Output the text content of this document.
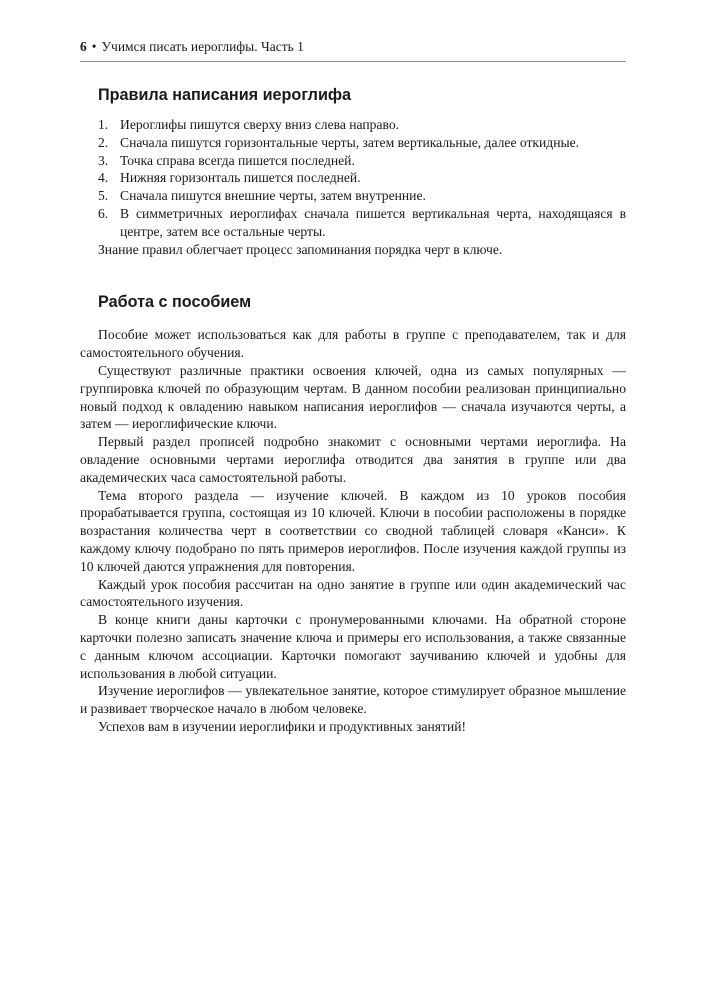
6 • Учимся писать иероглифы. Часть 1
Правила написания иероглифа
1. Иероглифы пишутся сверху вниз слева направо.
2. Сначала пишутся горизонтальные черты, затем вертикальные, далее откидные.
3. Точка справа всегда пишется последней.
4. Нижняя горизонталь пишется последней.
5. Сначала пишутся внешние черты, затем внутренние.
6. В симметричных иероглифах сначала пишется вертикальная черта, находящаяся в центре, затем все остальные черты.

Знание правил облегчает процесс запоминания порядка черт в ключе.

Работа с пособием

Пособие может использоваться как для работы в группе с преподавателем, так и для самостоятельного обучения.

Существуют различные практики освоения ключей, одна из самых популярных — группировка ключей по образующим чертам. В данном пособии реализован принципиально новый подход к овладению навыком написания иероглифов — сначала изучаются черты, а затем — иероглифические ключи.

Первый раздел прописей подробно знакомит с основными чертами иероглифа. На овладение основными чертами иероглифа отводится два занятия в группе или два академических часа самостоятельной работы.

Тема второго раздела — изучение ключей. В каждом из 10 уроков пособия прорабатывается группа, состоящая из 10 ключей. Ключи в пособии расположены в порядке возрастания количества черт в соответствии со сводной таблицей словаря «Канси». К каждому ключу подобрано по пять примеров иероглифов. После изучения каждой группы из 10 ключей даются упражнения для повторения.

Каждый урок пособия рассчитан на одно занятие в группе или один академический час самостоятельного изучения.

В конце книги даны карточки с пронумерованными ключами. На обратной стороне карточки полезно записать значение ключа и примеры его использования, а также связанные с данным ключом ассоциации. Карточки помогают заучиванию ключей и удобны для использования в любой ситуации.

Изучение иероглифов — увлекательное занятие, которое стимулирует образное мышление и развивает творческое начало в любом человеке.

Успехов вам в изучении иероглифики и продуктивных занятий!
